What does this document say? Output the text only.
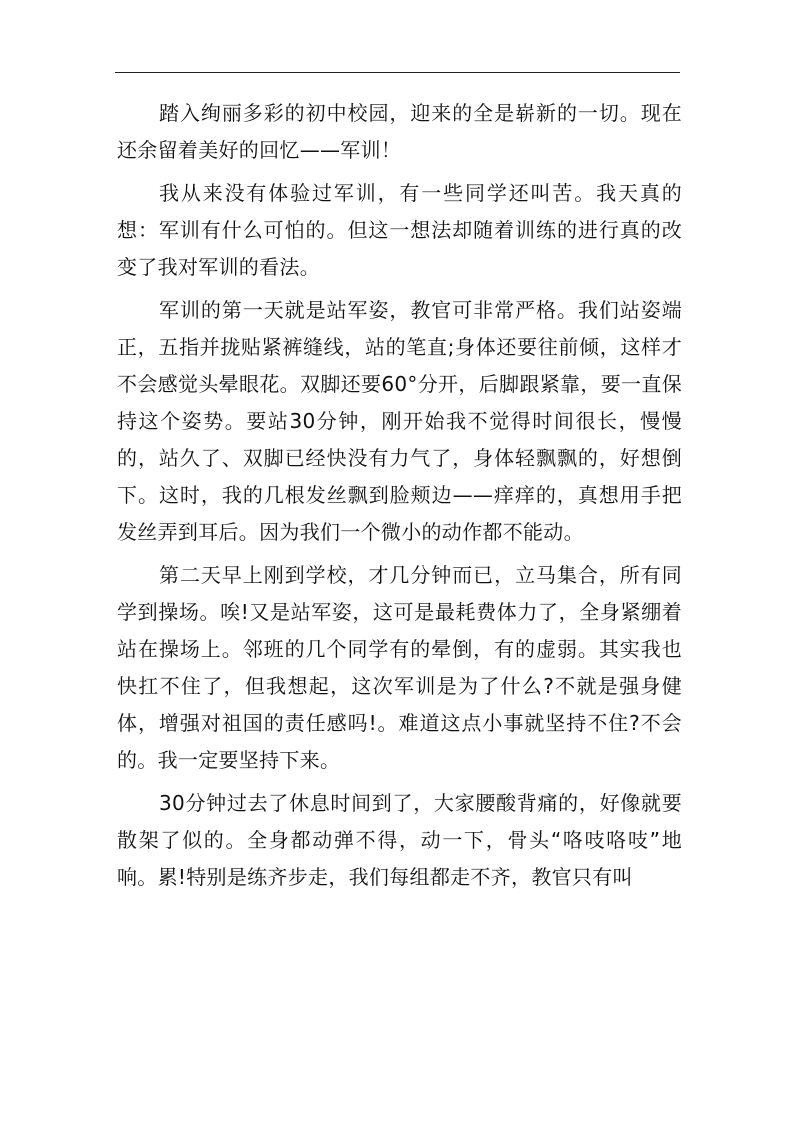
踏入绚丽多彩的初中校园，迎来的全是崭新的一切。现在还余留着美好的回忆——军训！

我从来没有体验过军训，有一些同学还叫苦。我天真的想：军训有什么可怕的。但这一想法却随着训练的进行真的改变了我对军训的看法。

军训的第一天就是站军姿，教官可非常严格。我们站姿端正，五指并拢贴紧裤缝线，站的笔直;身体还要往前倾，这样才不会感觉头晕眼花。双脚还要60°分开，后脚跟紧靠，要一直保持这个姿势。要站30分钟，刚开始我不觉得时间很长，慢慢的，站久了、双脚已经快没有力气了，身体轻飘飘的，好想倒下。这时，我的几根发丝飘到脸颊边——痒痒的，真想用手把发丝弄到耳后。因为我们一个微小的动作都不能动。

第二天早上刚到学校，才几分钟而已，立马集合，所有同学到操场。唉!又是站军姿，这可是最耗费体力了，全身紧绷着站在操场上。邻班的几个同学有的晕倒，有的虚弱。其实我也快扛不住了，但我想起，这次军训是为了什么?不就是强身健体，增强对祖国的责任感吗!。难道这点小事就坚持不住?不会的。我一定要坚持下来。

30分钟过去了休息时间到了，大家腰酸背痛的，好像就要散架了似的。全身都动弹不得，动一下，骨头“咯吱咯吱”地响。累!特别是练齐步走，我们每组都走不齐，教官只有叫
